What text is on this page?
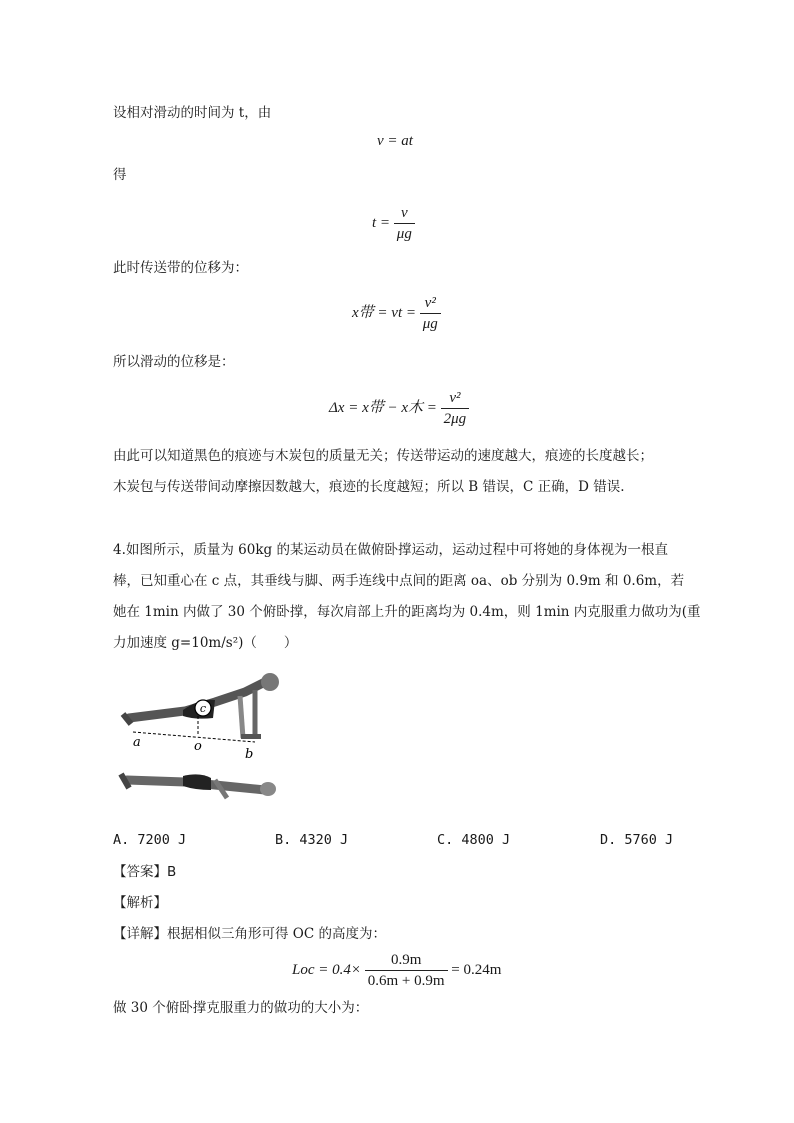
设相对滑动的时间为 t，由
v = at
得
$t = \frac{v}{\mu g}$
此时传送带的位移为：
x带 = vt = $\frac{\text{v²}}{\mu g}$
所以滑动的位移是：
Δx = x带 − x木 = $\frac{\text{v²}}{2\mu g}$
由此可以知道黑色的痕迹与木炭包的质量无关；传送带运动的速度越大，痕迹的长度越长；
木炭包与传送带间动摩擦因数越大，痕迹的长度越短；所以 B 错误，C 正确，D 错误.
4.如图所示，质量为 60kg 的某运动员在做俯卧撑运动，运动过程中可将她的身体视为一根直
棒，已知重心在 c 点，其垂线与脚、两手连线中点间的距离 oa、ob 分别为 0.9m 和 0.6m，若
她在 1min 内做了 30 个俯卧撑，每次肩部上升的距离均为 0.4m，则 1min 内克服重力做功为(重
力加速度 g=10m/s²)（　　）
c
a	o
b
A. 7200 J	B. 4320 J	C. 4800 J	D. 5760 J
【答案】B
【解析】
【详解】根据相似三角形可得 OC 的高度为：
Loc = $0.4\times \frac{0.9m}{0.6m + 0.9m} = 0.24m$
做 30 个俯卧撑克服重力的做功的大小为：
